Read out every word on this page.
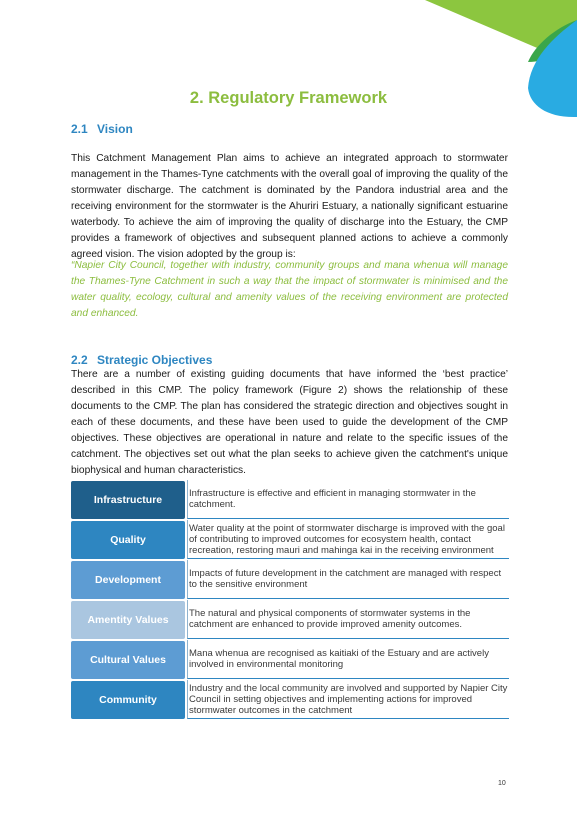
2. Regulatory Framework
2.1 Vision

This Catchment Management Plan aims to achieve an integrated approach to stormwater management in the Thames-Tyne catchments with the overall goal of improving the quality of the stormwater discharge. The catchment is dominated by the Pandora industrial area and the receiving environment for the stormwater is the Ahuriri Estuary, a nationally significant estuarine waterbody. To achieve the aim of improving the quality of discharge into the Estuary, the CMP provides a framework of objectives and subsequent planned actions to achieve a commonly agreed vision. The vision adopted by the group is:

“Napier City Council, together with industry, community groups and mana whenua will manage the Thames-Tyne Catchment in such a way that the impact of stormwater is minimised and the water quality, ecology, cultural and amenity values of the receiving environment are protected and enhanced.

2.2 Strategic Objectives

There are a number of existing guiding documents that have informed the ‘best practice’ described in this CMP. The policy framework (Figure 2) shows the relationship of these documents to the CMP. The plan has considered the strategic direction and objectives sought in each of these documents, and these have been used to guide the development of the CMP objectives. These objectives are operational in nature and relate to the specific issues of the catchment. The objectives set out what the plan seeks to achieve given the catchment's unique biophysical and human characteristics.

Infrastructure
Infrastructure is effective and efficient in managing stormwater in the catchment.
Quality
Water quality at the point of stormwater discharge is improved with the goal of contributing to improved outcomes for ecosystem health, contact recreation, restoring mauri and mahinga kai in the receiving environment
Development
Impacts of future development in the catchment are managed with respect to the sensitive environment
Amentity Values
The natural and physical components of stormwater systems in the catchment are enhanced to provide improved amenity outcomes.
Cultural Values
Mana whenua are recognised as kaitiaki of the Estuary and are actively involved in environmental monitoring
Community
Industry and the local community are involved and supported by Napier City Council in setting objectives and implementing actions for improved stormwater outcomes in the catchment
10
